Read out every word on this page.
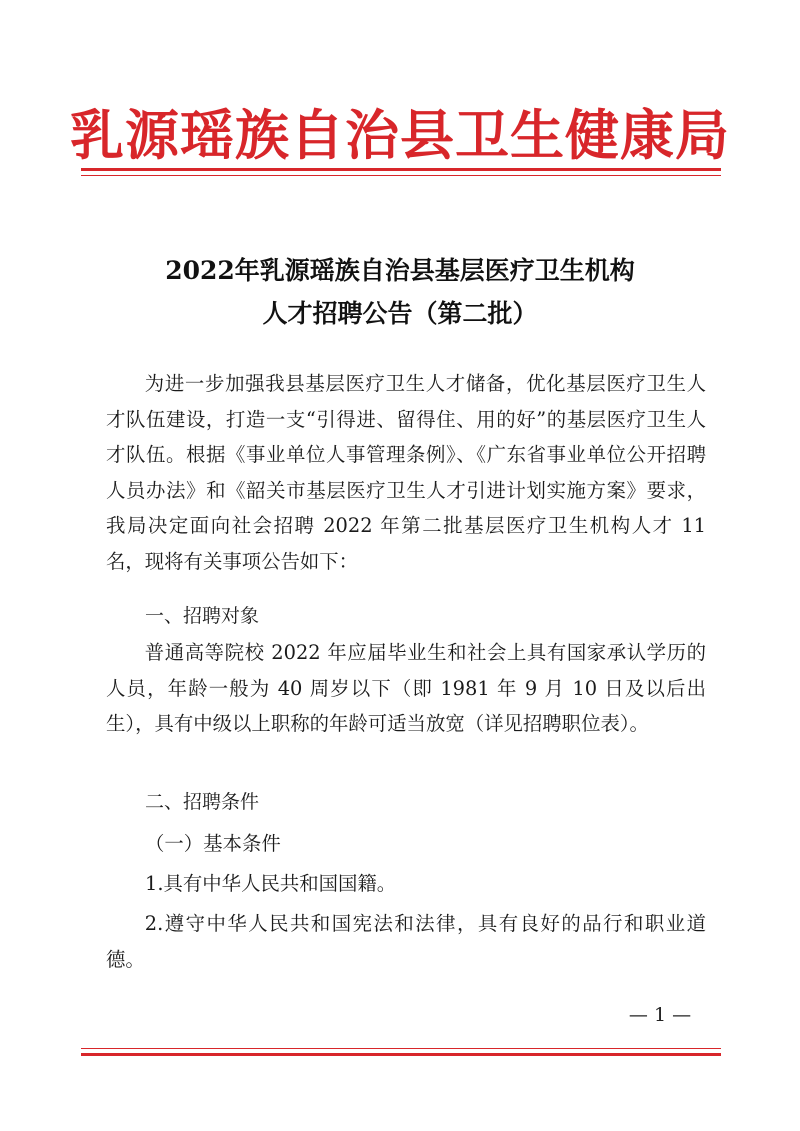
乳源瑶族自治县卫生健康局
2022年乳源瑶族自治县基层医疗卫生机构
人才招聘公告（第二批）
为进一步加强我县基层医疗卫生人才储备，优化基层医疗卫生人才队伍建设，打造一支“引得进、留得住、用的好”的基层医疗卫生人才队伍。根据《事业单位人事管理条例》、《广东省事业单位公开招聘人员办法》和《韶关市基层医疗卫生人才引进计划实施方案》要求，我局决定面向社会招聘 2022 年第二批基层医疗卫生机构人才 11 名，现将有关事项公告如下：
一、招聘对象
普通高等院校 2022 年应届毕业生和社会上具有国家承认学历的人员，年龄一般为 40 周岁以下（即 1981 年 9 月 10 日及以后出生），具有中级以上职称的年龄可适当放宽（详见招聘职位表）。
二、招聘条件
（一）基本条件
1.具有中华人民共和国国籍。
2.遵守中华人民共和国宪法和法律，具有良好的品行和职业道德。
— 1 —
